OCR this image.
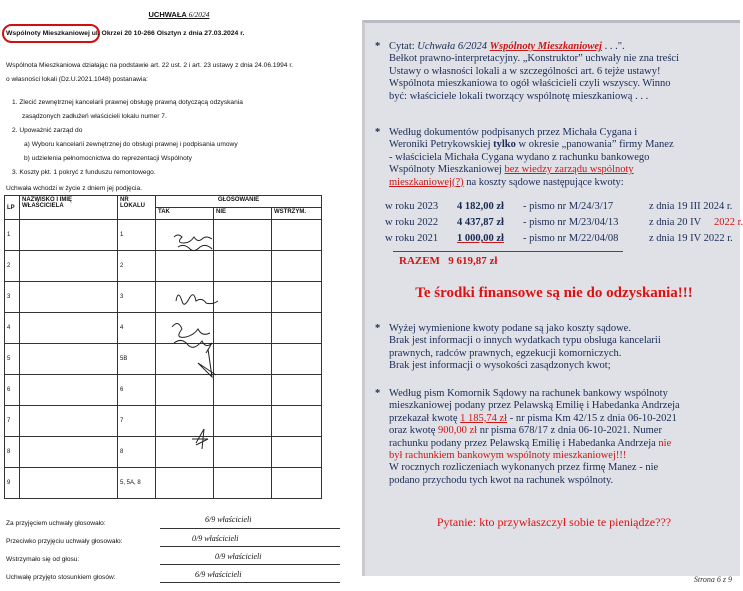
UCHWAŁA 6/2024
Wspólnoty Mieszkaniowej ul. Okrzei 20 10-266 Olsztyn z dnia 27.03.2024 r.
Wspólnota Mieszkaniowa działając na podstawie art. 22 ust. 2 i art. 23 ustawy z dnia 24.06.1994 r.
o własności lokali (Dz.U.2021.1048) postanawia:
1. Zlecić zewnętrznej kancelarii prawnej obsługę prawną dotyczącą odzyskania
zasądzonych zadłużeń właścicieli lokalu numer 7.
2. Upoważnić zarząd do
a) Wyboru kancelarii zewnętrznej do obsługi prawnej i podpisania umowy
b) udzielenia pełnomocnictwa do reprezentacji Wspólnoty
3. Koszty pkt. 1 pokryć z funduszu remontowego.
Uchwała wchodzi w życie z dniem jej podjęcia.
LP	NAZWISKO I IMIĘ WŁAŚCICIELA	NR LOKALU	GŁOSOWANIE		
			TAK	NIE	WSTRZYM.
1		1			
2		2			
3		3			
4		4			
5		5B			
6		6			
7		7			
8		8			
9		5, 5A, 8			
Za przyjęciem uchwały głosowało:	6/9 właścicieli
Przeciwko przyjęciu uchwały głosowało:	0/9 właścicieli
Wstrzymało się od głosu:	0/9 właścicieli
Uchwałę przyjęto stosunkiem głosów:	6/9 właścicieli
* Cytat: Uchwała 6/2024 Wspólnoty Mieszkaniowej . . .".
Bełkot prawno-interpretacyjny. „Konstruktor” uchwały nie zna treści
Ustawy o własności lokali a w szczególności art. 6 tejże ustawy!
Wspólnota mieszkaniowa to ogół właścicieli czyli wszyscy. Winno
być: właściciele lokali tworzący wspólnotę mieszkaniową . . .
* Według dokumentów podpisanych przez Michała Cygana i
Weroniki Petrykowskiej tylko w okresie „panowania” firmy Manez
- właściciela Michała Cygana wydano z rachunku bankowego
Wspólnoty Mieszkaniowej bez wiedzy zarządu wspólnoty
mieszkaniowej(?) na koszty sądowe następujące kwoty:
w roku 2023 4 182,00 zł - pismo nr M/24/3/17	z dnia 19 III 2024 r.
w roku 2022 4 437,87 zł - pismo nr M/23/04/13	z dnia 20 IV 2022 r.
w roku 2021 1 000,00 zł - pismo nr M/22/04/08	z dnia 19 IV 2022 r.
RAZEM 9 619,87 zł
Te środki finansowe są nie do odzyskania!!!
* Wyżej wymienione kwoty podane są jako koszty sądowe.
Brak jest informacji o innych wydatkach typu obsługa kancelarii
prawnych, radców prawnych, egzekucji komorniczych.
Brak jest informacji o wysokości zasądzonych kwot;
* Według pism Komornik Sądowy na rachunek bankowy wspólnoty
mieszkaniowej podany przez Pelawską Emilię i Habedanka Andrzeja
przekazał kwotę 1 185,74 zł - nr pisma Km 42/15 z dnia 06-10-2021
oraz kwotę 900,00 zł nr pisma 678/17 z dnia 06-10-2021. Numer
rachunku podany przez Pelawską Emilię i Habedanka Andrzeja nie
był rachunkiem bankowym wspólnoty mieszkaniowej!!!
W rocznych rozliczeniach wykonanych przez firmę Manez - nie
podano przychodu tych kwot na rachunek wspólnoty.
Pytanie: kto przywłaszczył sobie te pieniądze???
Strona 6 z 9
